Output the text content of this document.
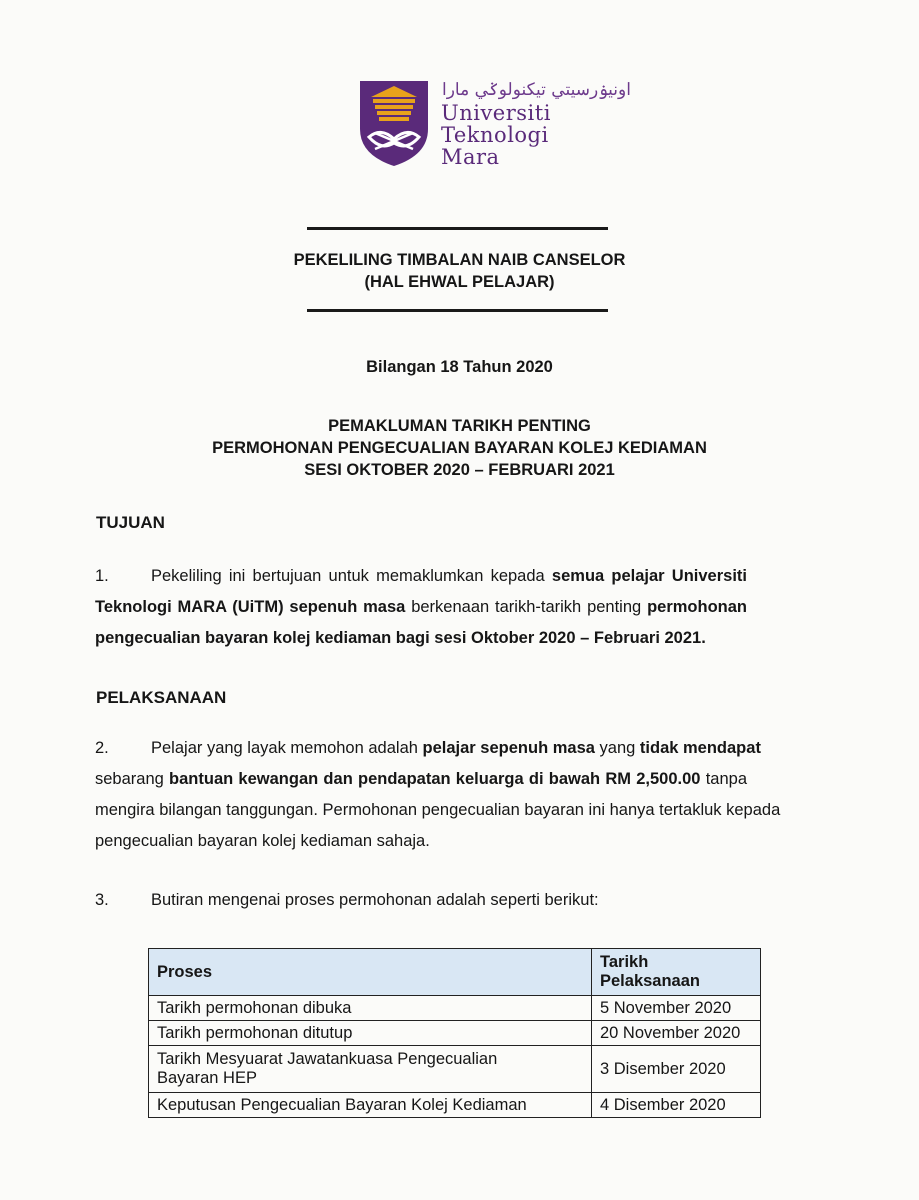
اونيۏرسيتي تيكنولوݢي مارا
Universiti
Teknologi
Mara
PEKELILING TIMBALAN NAIB CANSELOR
(HAL EHWAL PELAJAR)
Bilangan 18 Tahun 2020
PEMAKLUMAN TARIKH PENTING
PERMOHONAN PENGECUALIAN BAYARAN KOLEJ KEDIAMAN
SESI OKTOBER 2020 – FEBRUARI 2021
TUJUAN
1.	Pekeliling ini bertujuan untuk memaklumkan kepada semua pelajar Universiti
Teknologi MARA (UiTM) sepenuh masa berkenaan tarikh-tarikh penting permohonan
pengecualian bayaran kolej kediaman bagi sesi Oktober 2020 – Februari 2021.
PELAKSANAAN
2.	Pelajar yang layak memohon adalah pelajar sepenuh masa yang tidak mendapat
sebarang bantuan kewangan dan pendapatan keluarga di bawah RM 2,500.00 tanpa
mengira bilangan tanggungan. Permohonan pengecualian bayaran ini hanya tertakluk kepada
pengecualian bayaran kolej kediaman sahaja.
3.	Butiran mengenai proses permohonan adalah seperti berikut:
Proses	Tarikh
Pelaksanaan
Tarikh permohonan dibuka	5 November 2020
Tarikh permohonan ditutup	20 November 2020
Tarikh Mesyuarat Jawatankuasa Pengecualian
Bayaran HEP	3 Disember 2020
Keputusan Pengecualian Bayaran Kolej Kediaman	4 Disember 2020
